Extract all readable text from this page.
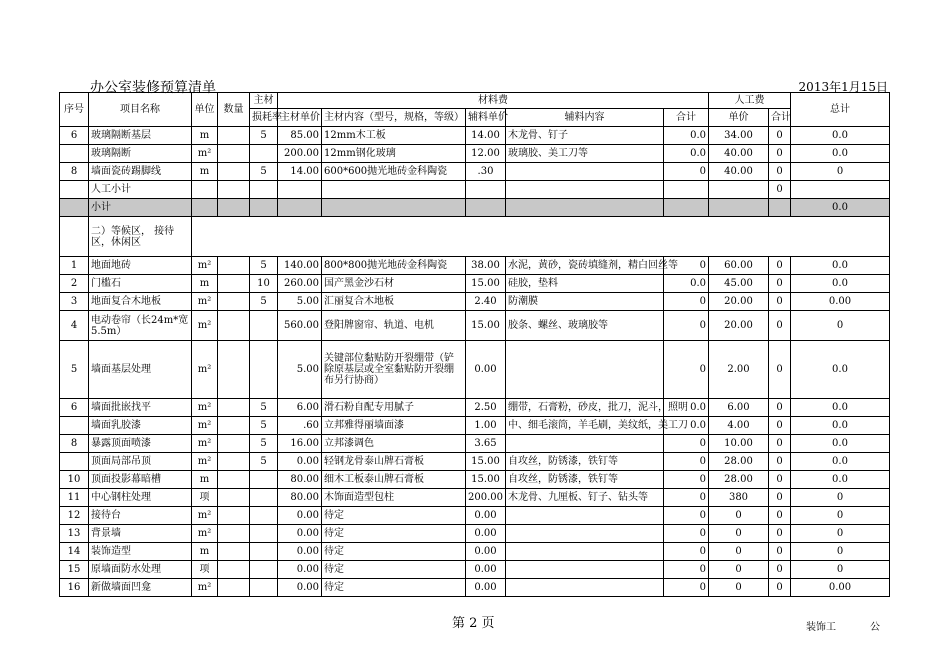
办公室装修预算清单	2013年1月15日
序号	项目名称	单位	数量	主材	材料费					人工费		总计
				损耗率	主材单价	主材内容（型号，规格，等级）	辅料单价	辅料内容	合计	单价	合计	
6	玻璃隔断基层	m		5	85.00	12mm木工板	14.00	木龙骨、钉子	0.0	34.00	0	0.0
	玻璃隔断	m²			200.00	12mm钢化玻璃	12.00	玻璃胶、美工刀等	0.0	40.00	0	0.0
8	墙面瓷砖踢脚线	m		5	14.00	600*600抛光地砖金科陶瓷	.30		0	40.00	0	0
	人工小计										0	
	小计											0.0
	二）等候区， 接待区，休闲区											
1	地面地砖	m²		5	140.00	800*800抛光地砖金科陶瓷	38.00	水泥，黄砂，瓷砖填缝剂，精白回丝等	0	60.00	0	0.0
2	门槛石	m		10	260.00	国产黑金沙石材	15.00	硅胶，垫料	0.0	45.00	0	0.0
3	地面复合木地板	m²		5	5.00	汇丽复合木地板	2.40	防潮膜	0	20.00	0	0.00
4	电动卷帘（长24m*宽5.5m）	m²			560.00	登阳牌窗帘、轨道、电机	15.00	胶条、螺丝、玻璃胶等	0	20.00	0	0
5	墙面基层处理	m²			5.00	关键部位黏贴防开裂绷带（铲除原基层或全室黏贴防开裂绷布另行协商）	0.00		0	2.00	0	0.0
6	墙面批嵌找平	m²		5	6.00	滑石粉自配专用腻子	2.50	绷带，石膏粉，砂皮，批刀，泥斗，照明	0.0	6.00	0	0.0
	墙面乳胶漆	m²		5	.60	立邦雅得丽墙面漆	1.00	中、细毛滚筒，羊毛刷，美纹纸，美工刀	0.0	4.00	0	0.0
8	暴露顶面喷漆	m²		5	16.00	立邦漆调色	3.65		0	10.00	0	0.0
	顶面局部吊顶	m²		5	0.00	轻钢龙骨泰山牌石膏板	15.00	自攻丝，防锈漆，铁钉等	0	28.00	0	0.0
10	顶面投影幕暗槽	m			80.00	细木工板泰山牌石膏板	15.00	自攻丝，防锈漆，铁钉等	0	28.00	0	0.0
11	中心钢柱处理	项			80.00	木饰面造型包柱	200.00	木龙骨、九厘板、钉子、钻头等	0	380	0	0
12	接待台	m²			0.00	待定	0.00		0	0	0	0
13	背景墙	m²			0.00	待定	0.00		0	0	0	0
14	装饰造型	m			0.00	待定	0.00		0	0	0	0
15	原墙面防水处理	项			0.00	待定	0.00		0	0	0	0
16	新做墙面凹龛	m²			0.00	待定	0.00		0	0	0	0.00
第 2 页	装饰工	公
